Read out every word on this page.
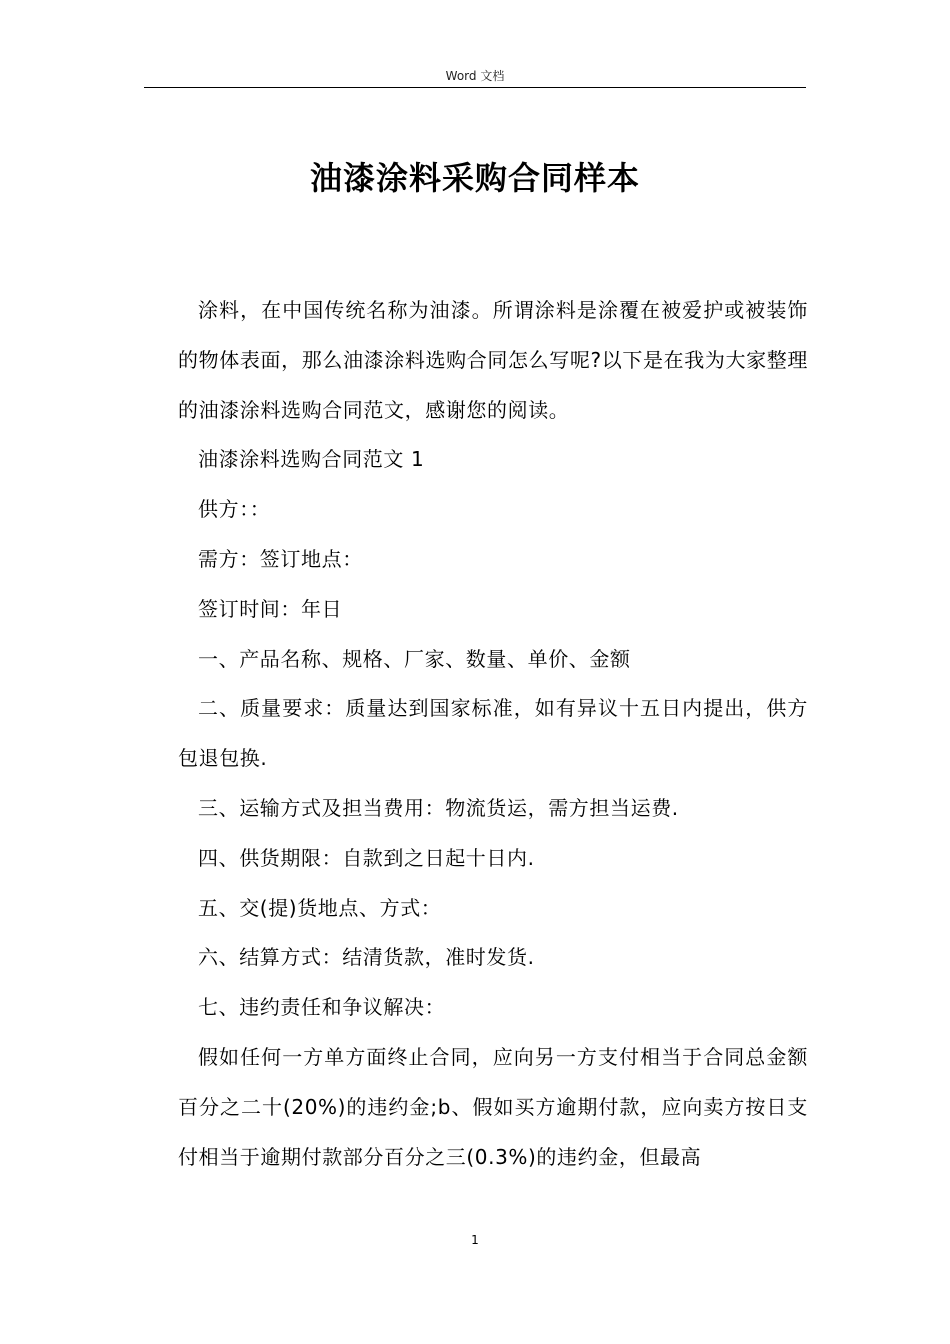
Word 文档
油漆涂料采购合同样本

涂料，在中国传统名称为油漆。所谓涂料是涂覆在被爱护或被装饰的物体表面，那么油漆涂料选购合同怎么写呢?以下是在我为大家整理的油漆涂料选购合同范文，感谢您的阅读。

油漆涂料选购合同范文 1

供方：：

需方：签订地点：

签订时间：年日

一、产品名称、规格、厂家、数量、单价、金额

二、质量要求：质量达到国家标准，如有异议十五日内提出，供方包退包换.

三、运输方式及担当费用：物流货运，需方担当运费.

四、供货期限：自款到之日起十日内.

五、交(提)货地点、方式：

六、结算方式：结清货款，准时发货.

七、违约责任和争议解决：

假如任何一方单方面终止合同，应向另一方支付相当于合同总金额百分之二十(20%)的违约金;b、假如买方逾期付款，应向卖方按日支付相当于逾期付款部分百分之三(0.3%)的违约金，但最高

1
